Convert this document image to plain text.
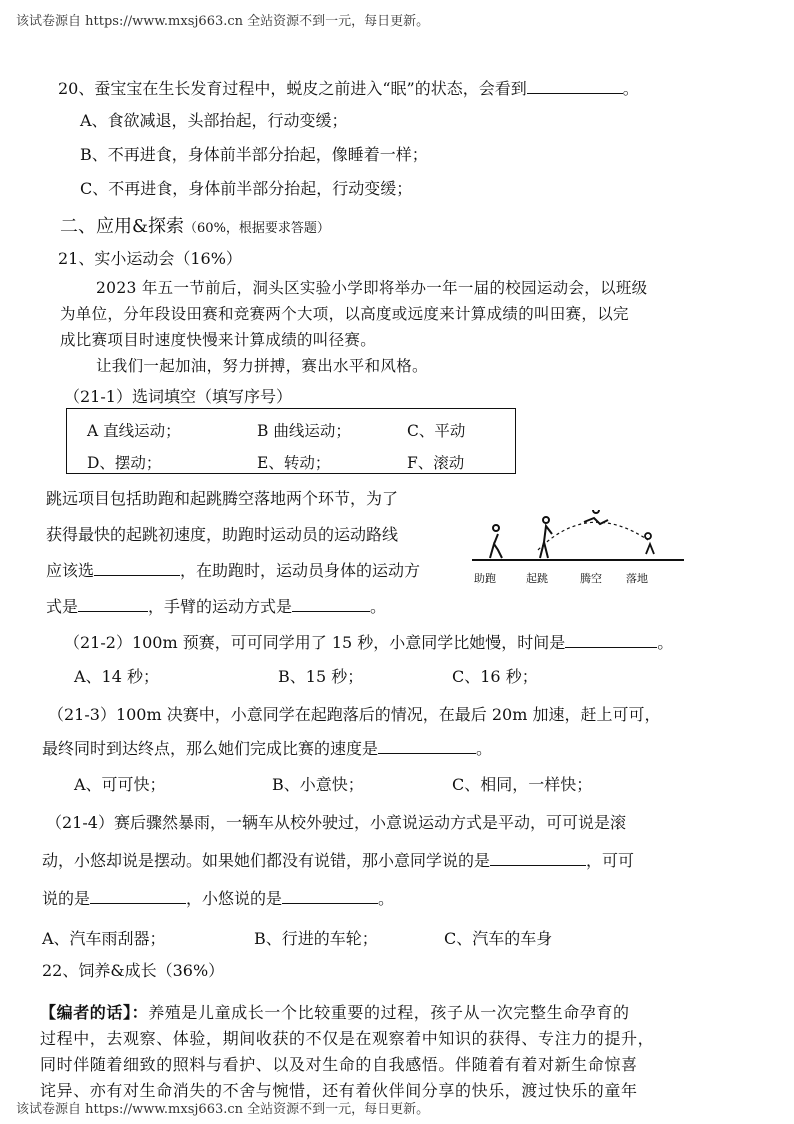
该试卷源自 https://www.mxsj663.cn 全站资源不到一元，每日更新。
20、蚕宝宝在生长发育过程中，蜕皮之前进入“眠”的状态，会看到	。
A、食欲减退，头部抬起，行动变缓；
B、不再进食，身体前半部分抬起，像睡着一样；
C、不再进食，身体前半部分抬起，行动变缓；
二、应用&探索（60%，根据要求答题）
21、实小运动会（16%）
2023 年五一节前后，洞头区实验小学即将举办一年一届的校园运动会，以班级
为单位，分年段设田赛和竞赛两个大项，以高度或远度来计算成绩的叫田赛，以完
成比赛项目时速度快慢来计算成绩的叫径赛。
让我们一起加油，努力拼搏，赛出水平和风格。
（21-1）选词填空（填写序号）
A 直线运动；	B 曲线运动；	C、平动
D、摆动；	E、转动；	F、滚动
跳远项目包括助跑和起跳腾空落地两个环节，为了
获得最快的起跳初速度，助跑时运动员的运动路线
应该选	，在助跑时，运动员身体的运动方
式是	，手臂的运动方式是	。
助跑	起跳	腾空 落地
（21-2）100m 预赛，可可同学用了 15 秒，小意同学比她慢，时间是	。
A、14 秒；	B、15 秒；	C、16 秒；
（21-3）100m 决赛中，小意同学在起跑落后的情况，在最后 20m 加速，赶上可可，
最终同时到达终点，那么她们完成比赛的速度是	。
A、可可快；	B、小意快；	C、相同，一样快；
（21-4）赛后骤然暴雨，一辆车从校外驶过，小意说运动方式是平动，可可说是滚
动，小悠却说是摆动。如果她们都没有说错，那小意同学说的是	，可可
说的是	，小悠说的是	。
A、汽车雨刮器；	B、行进的车轮；	C、汽车的车身
22、饲养&成长（36%）
【编者的话】：养殖是儿童成长一个比较重要的过程，孩子从一次完整生命孕育的
过程中，去观察、体验，期间收获的不仅是在观察着中知识的获得、专注力的提升，
同时伴随着细致的照料与看护、以及对生命的自我感悟。伴随着有着对新生命惊喜
诧异、亦有对生命消失的不舍与惋惜，还有着伙伴间分享的快乐，渡过快乐的童年
该试卷源自 https://www.mxsj663.cn 全站资源不到一元，每日更新。
